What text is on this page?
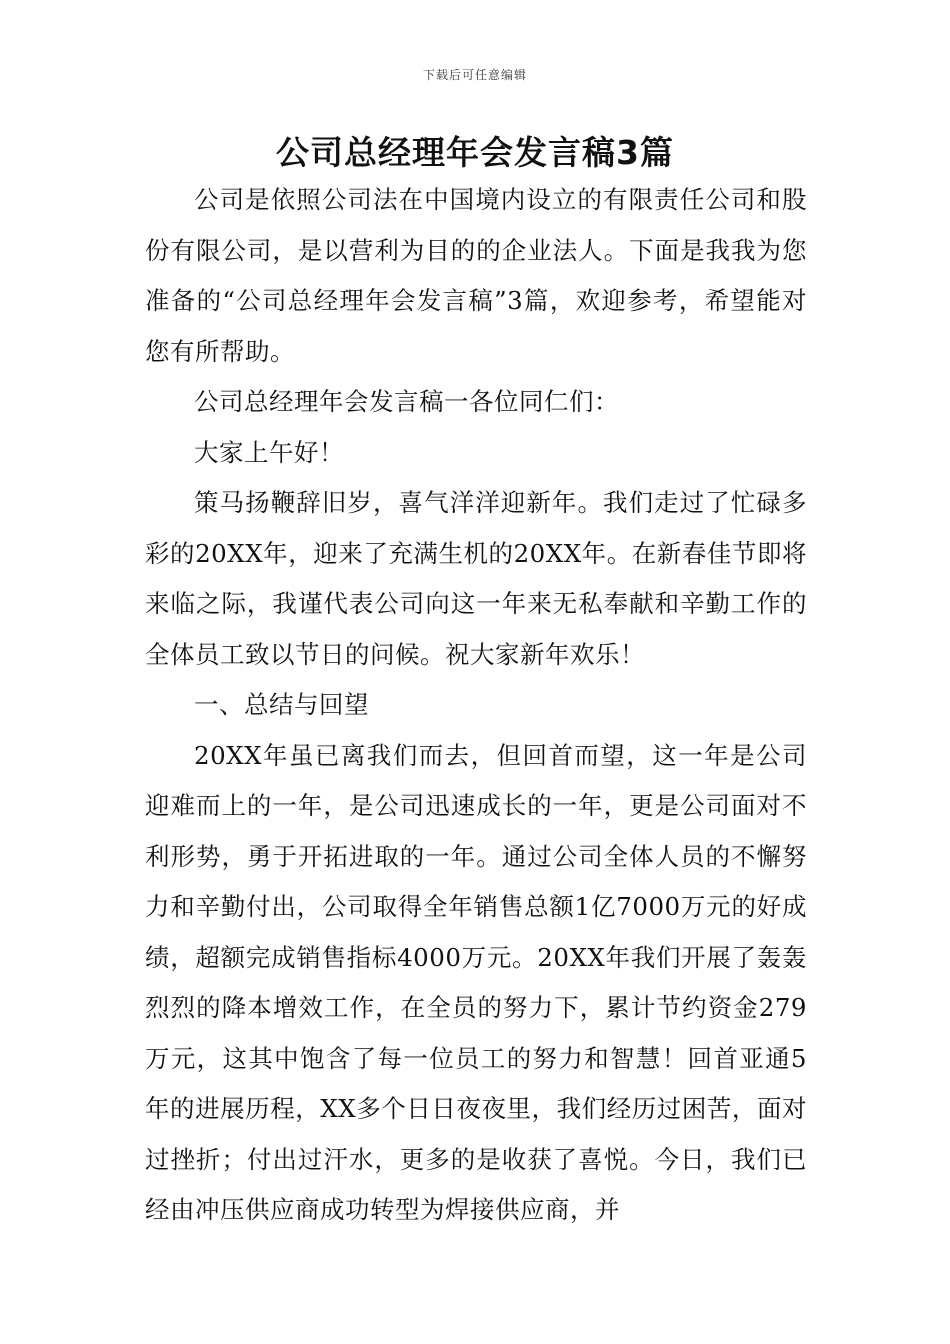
下载后可任意编辑
公司总经理年会发言稿3篇

公司是依照公司法在中国境内设立的有限责任公司和股份有限公司，是以营利为目的的企业法人。下面是我我为您准备的“公司总经理年会发言稿”3篇，欢迎参考，希望能对您有所帮助。

公司总经理年会发言稿一各位同仁们：

大家上午好！

策马扬鞭辞旧岁，喜气洋洋迎新年。我们走过了忙碌多彩的20XX年，迎来了充满生机的20XX年。在新春佳节即将来临之际，我谨代表公司向这一年来无私奉献和辛勤工作的全体员工致以节日的问候。祝大家新年欢乐！

一、总结与回望

20XX年虽已离我们而去，但回首而望，这一年是公司迎难而上的一年，是公司迅速成长的一年，更是公司面对不利形势，勇于开拓进取的一年。通过公司全体人员的不懈努力和辛勤付出，公司取得全年销售总额1亿7000万元的好成绩，超额完成销售指标4000万元。20XX年我们开展了轰轰烈烈的降本增效工作，在全员的努力下，累计节约资金279万元，这其中饱含了每一位员工的努力和智慧！回首亚通5年的进展历程，XX多个日日夜夜里，我们经历过困苦，面对过挫折；付出过汗水，更多的是收获了喜悦。今日，我们已经由冲压供应商成功转型为焊接供应商，并
